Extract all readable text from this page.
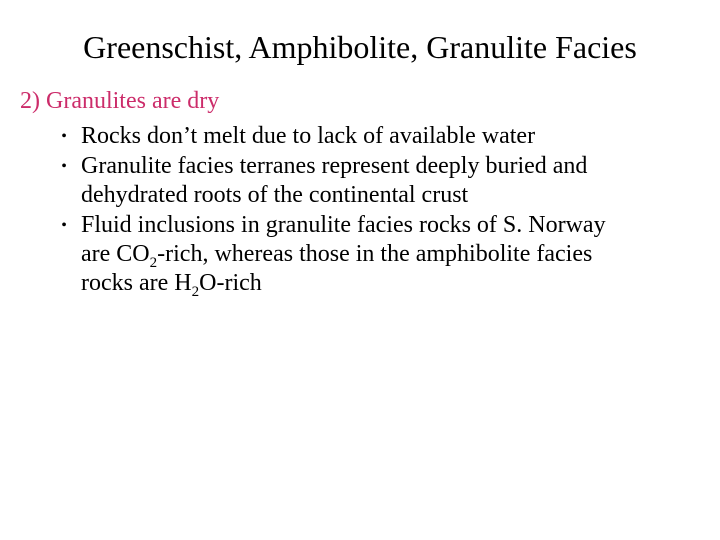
Greenschist, Amphibolite, Granulite Facies
2) Granulites are dry
• Rocks don’t melt due to lack of available water
• Granulite facies terranes represent deeply buried and
dehydrated roots of the continental crust
• Fluid inclusions in granulite facies rocks of S. Norway
are $CO_2$-rich, whereas those in the amphibolite facies
rocks are $H_2O$-rich
